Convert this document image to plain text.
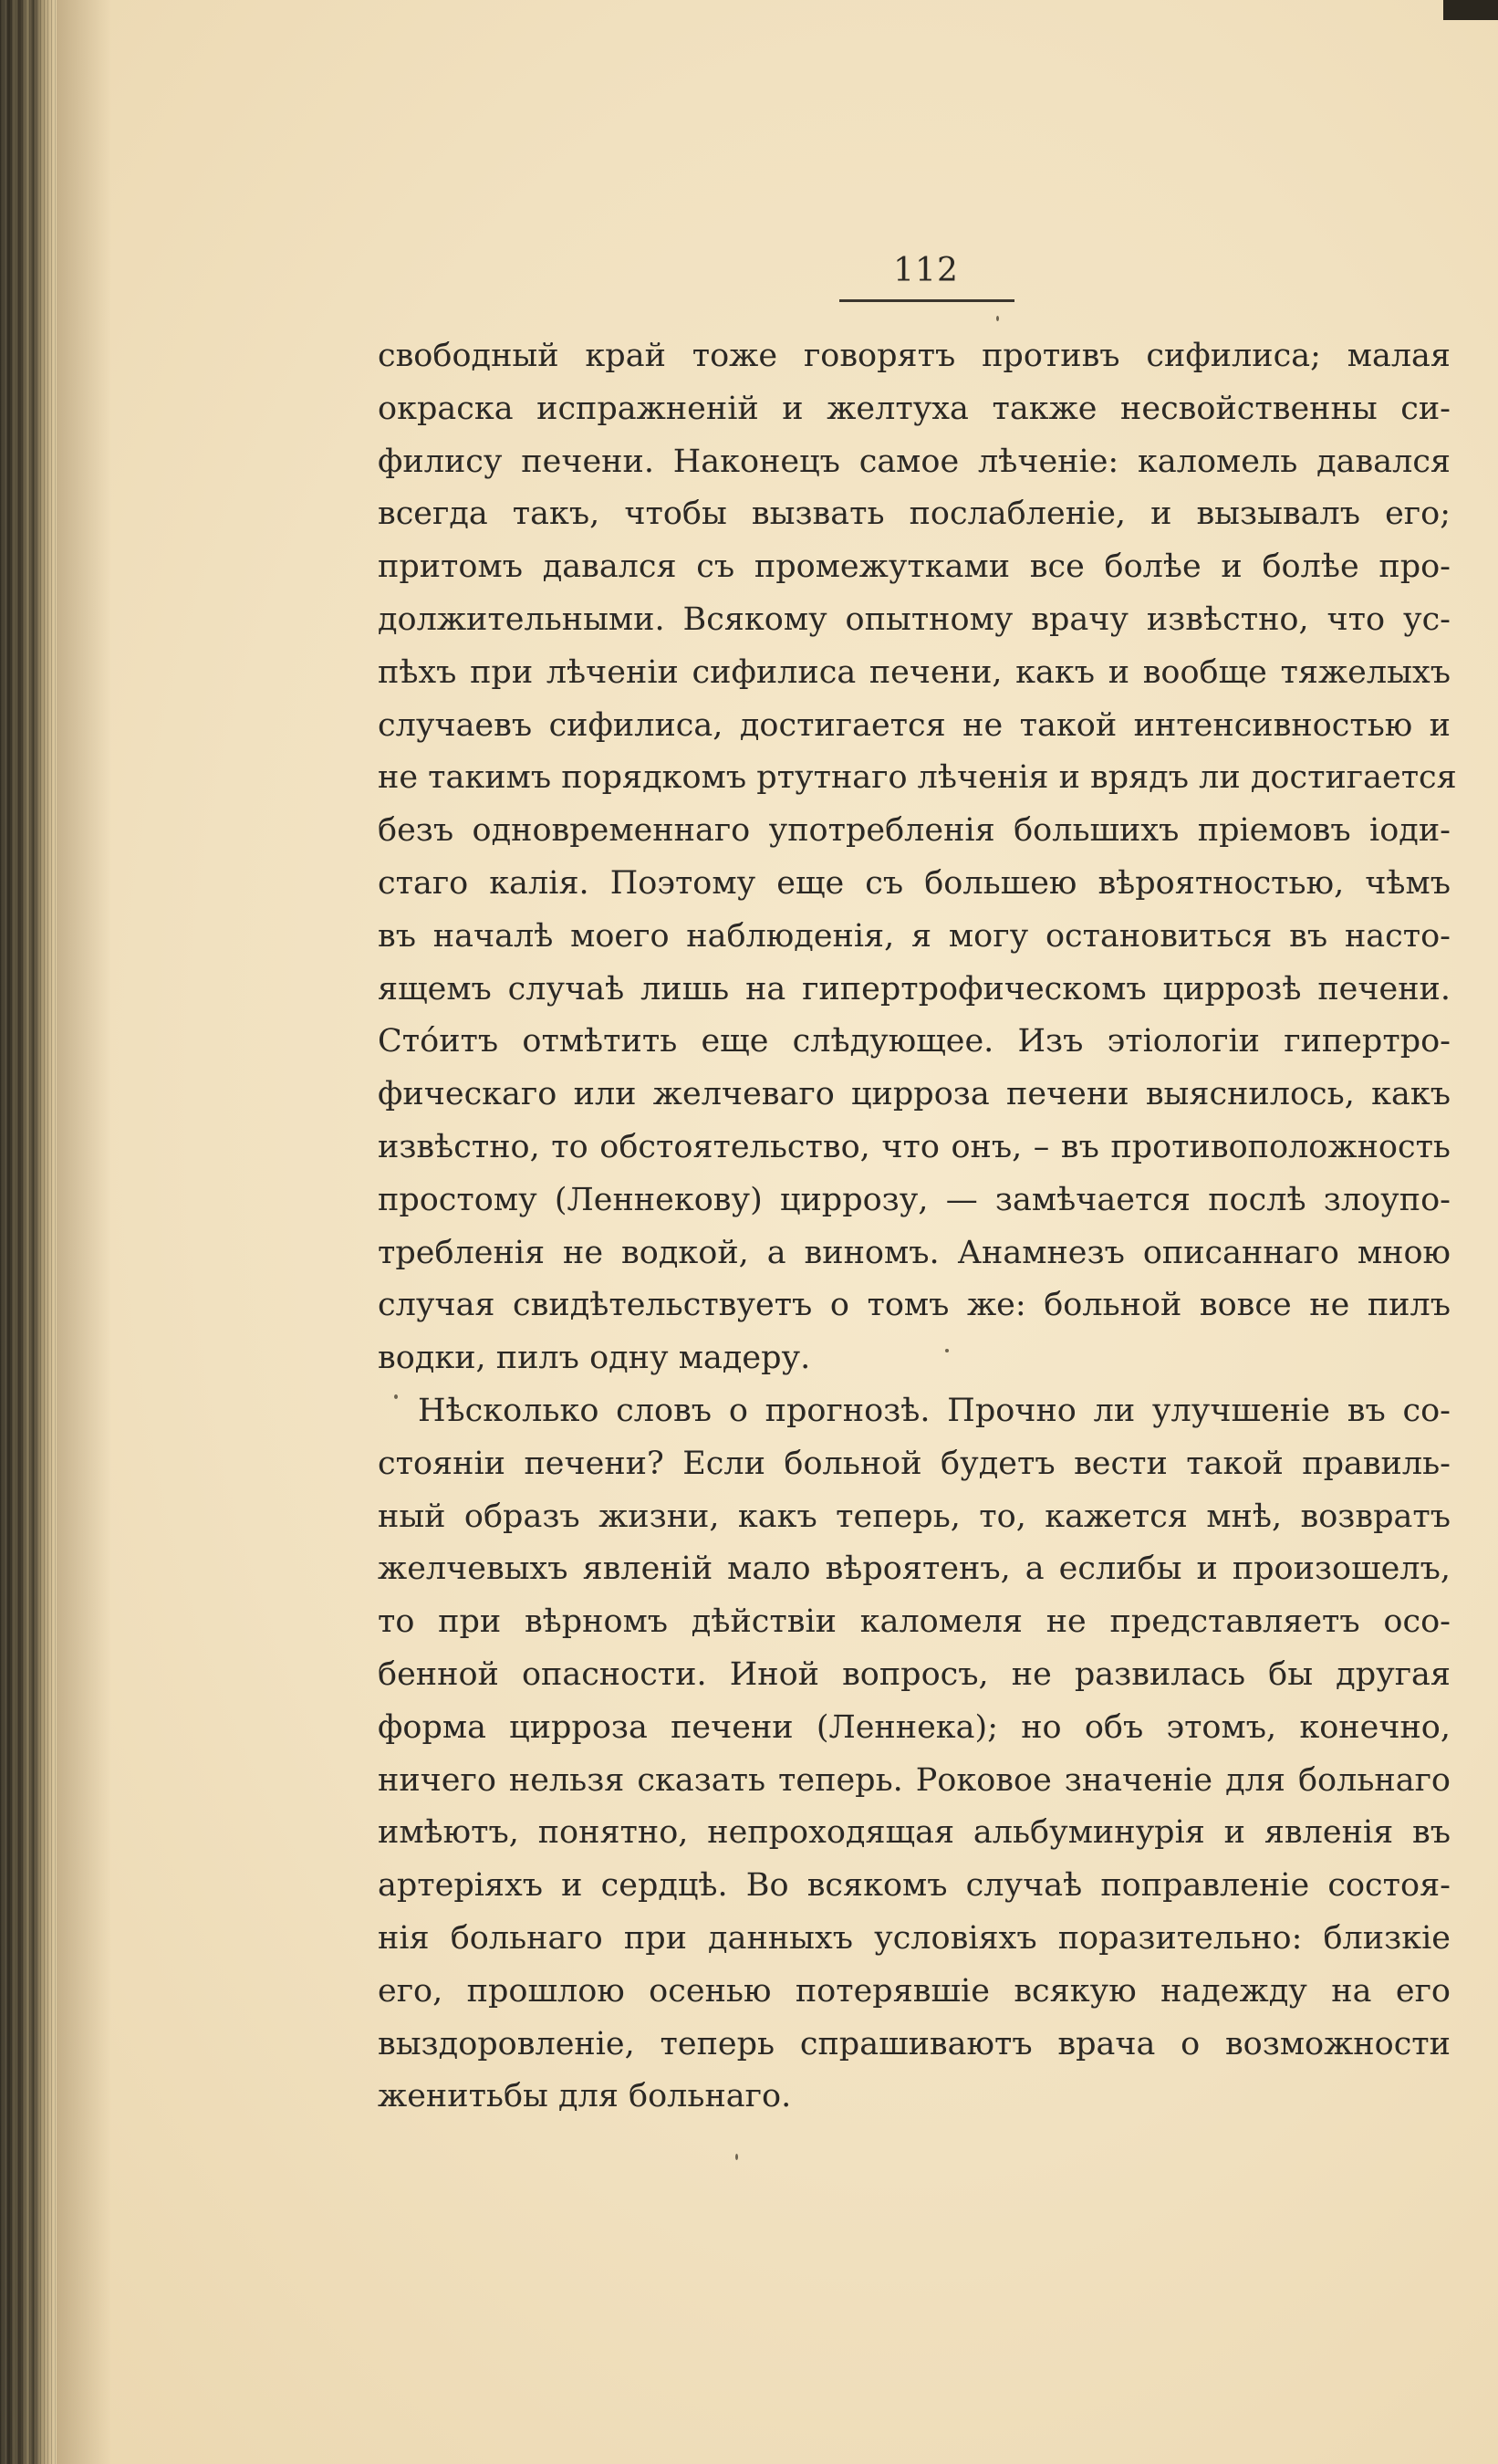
112
свободный край тоже говорятъ противъ сифилиса; малая
окраска испражненій и желтуха также несвойственны си-
филису печени. Наконецъ самое лѣченіе: каломель давался
всегда такъ, чтобы вызвать послабленіе, и вызывалъ его;
притомъ давался съ промежутками все болѣе и болѣе про-
должительными. Всякому опытному врачу извѣстно, что ус-
пѣхъ при лѣченіи сифилиса печени, какъ и вообще тяжелыхъ
случаевъ сифилиса, достигается не такой интенсивностью и
не такимъ порядкомъ ртутнаго лѣченія и врядъ ли достигается
безъ одновременнаго употребленія большихъ пріемовъ іоди-
стаго калія. Поэтому еще съ большею вѣроятностью, чѣмъ
въ началѣ моего наблюденія, я могу остановиться въ насто-
ящемъ случаѣ лишь на гипертрофическомъ циррозѣ печени.
Сто́итъ отмѣтить еще слѣдующее. Изъ этіологіи гипертро-
фическаго или желчеваго цирроза печени выяснилось, какъ
извѣстно, то обстоятельство, что онъ, – въ противоположность
простому (Леннекову) циррозу, — замѣчается послѣ злоупо-
требленія не водкой, а виномъ. Анамнезъ описаннаго мною
случая свидѣтельствуетъ о томъ же: больной вовсе не пилъ
водки, пилъ одну мадеру.
Нѣсколько словъ о прогнозѣ. Прочно ли улучшеніе въ со-
стояніи печени? Если больной будетъ вести такой правиль-
ный образъ жизни, какъ теперь, то, кажется мнѣ, возвратъ
желчевыхъ явленій мало вѣроятенъ, а еслибы и произошелъ,
то при вѣрномъ дѣйствіи каломеля не представляетъ осо-
бенной опасности. Иной вопросъ, не развилась бы другая
форма цирроза печени (Леннека); но объ этомъ, конечно,
ничего нельзя сказать теперь. Роковое значеніе для больнаго
имѣютъ, понятно, непроходящая альбуминурія и явленія въ
артеріяхъ и сердцѣ. Во всякомъ случаѣ поправленіе состоя-
нія больнаго при данныхъ условіяхъ поразительно: близкіе
его, прошлою осенью потерявшіе всякую надежду на его
выздоровленіе, теперь спрашиваютъ врача о возможности
женитьбы для больнаго.
